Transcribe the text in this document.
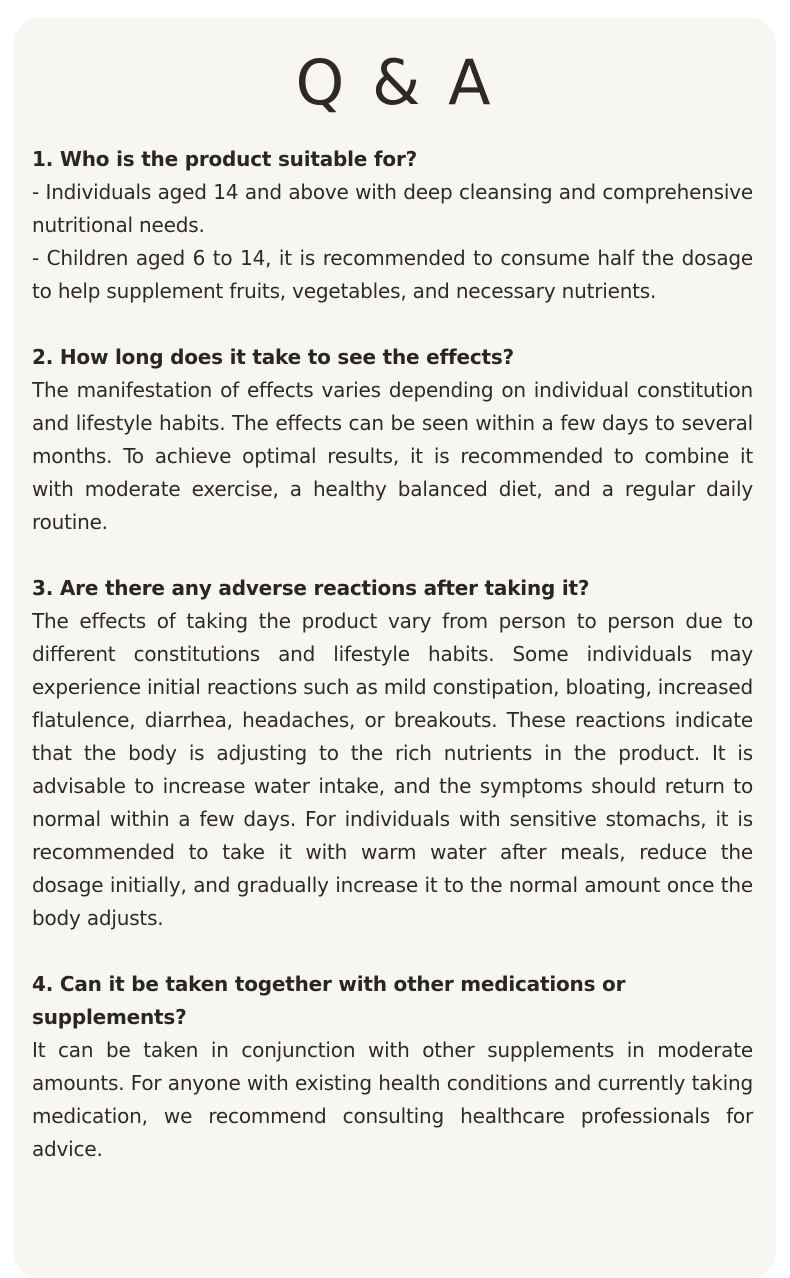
Q & A

1. Who is the product suitable for?

- Individuals aged 14 and above with deep cleansing and comprehensive nutritional needs.

- Children aged 6 to 14, it is recommended to consume half the dosage to help supplement fruits, vegetables, and necessary nutrients.

2. How long does it take to see the effects?

The manifestation of effects varies depending on individual constitution and lifestyle habits. The effects can be seen within a few days to several months. To achieve optimal results, it is recommended to combine it with moderate exercise, a healthy balanced diet, and a regular daily routine.

3. Are there any adverse reactions after taking it?

The effects of taking the product vary from person to person due to different constitutions and lifestyle habits. Some individuals may experience initial reactions such as mild constipation, bloating, increased flatulence, diarrhea, headaches, or breakouts. These reactions indicate that the body is adjusting to the rich nutrients in the product. It is advisable to increase water intake, and the symptoms should return to normal within a few days. For individuals with sensitive stomachs, it is recommended to take it with warm water after meals, reduce the dosage initially, and gradually increase it to the normal amount once the body adjusts.

4. Can it be taken together with other medications or supplements?

It can be taken in conjunction with other supplements in moderate amounts. For anyone with existing health conditions and currently taking medication, we recommend consulting healthcare professionals for advice.
